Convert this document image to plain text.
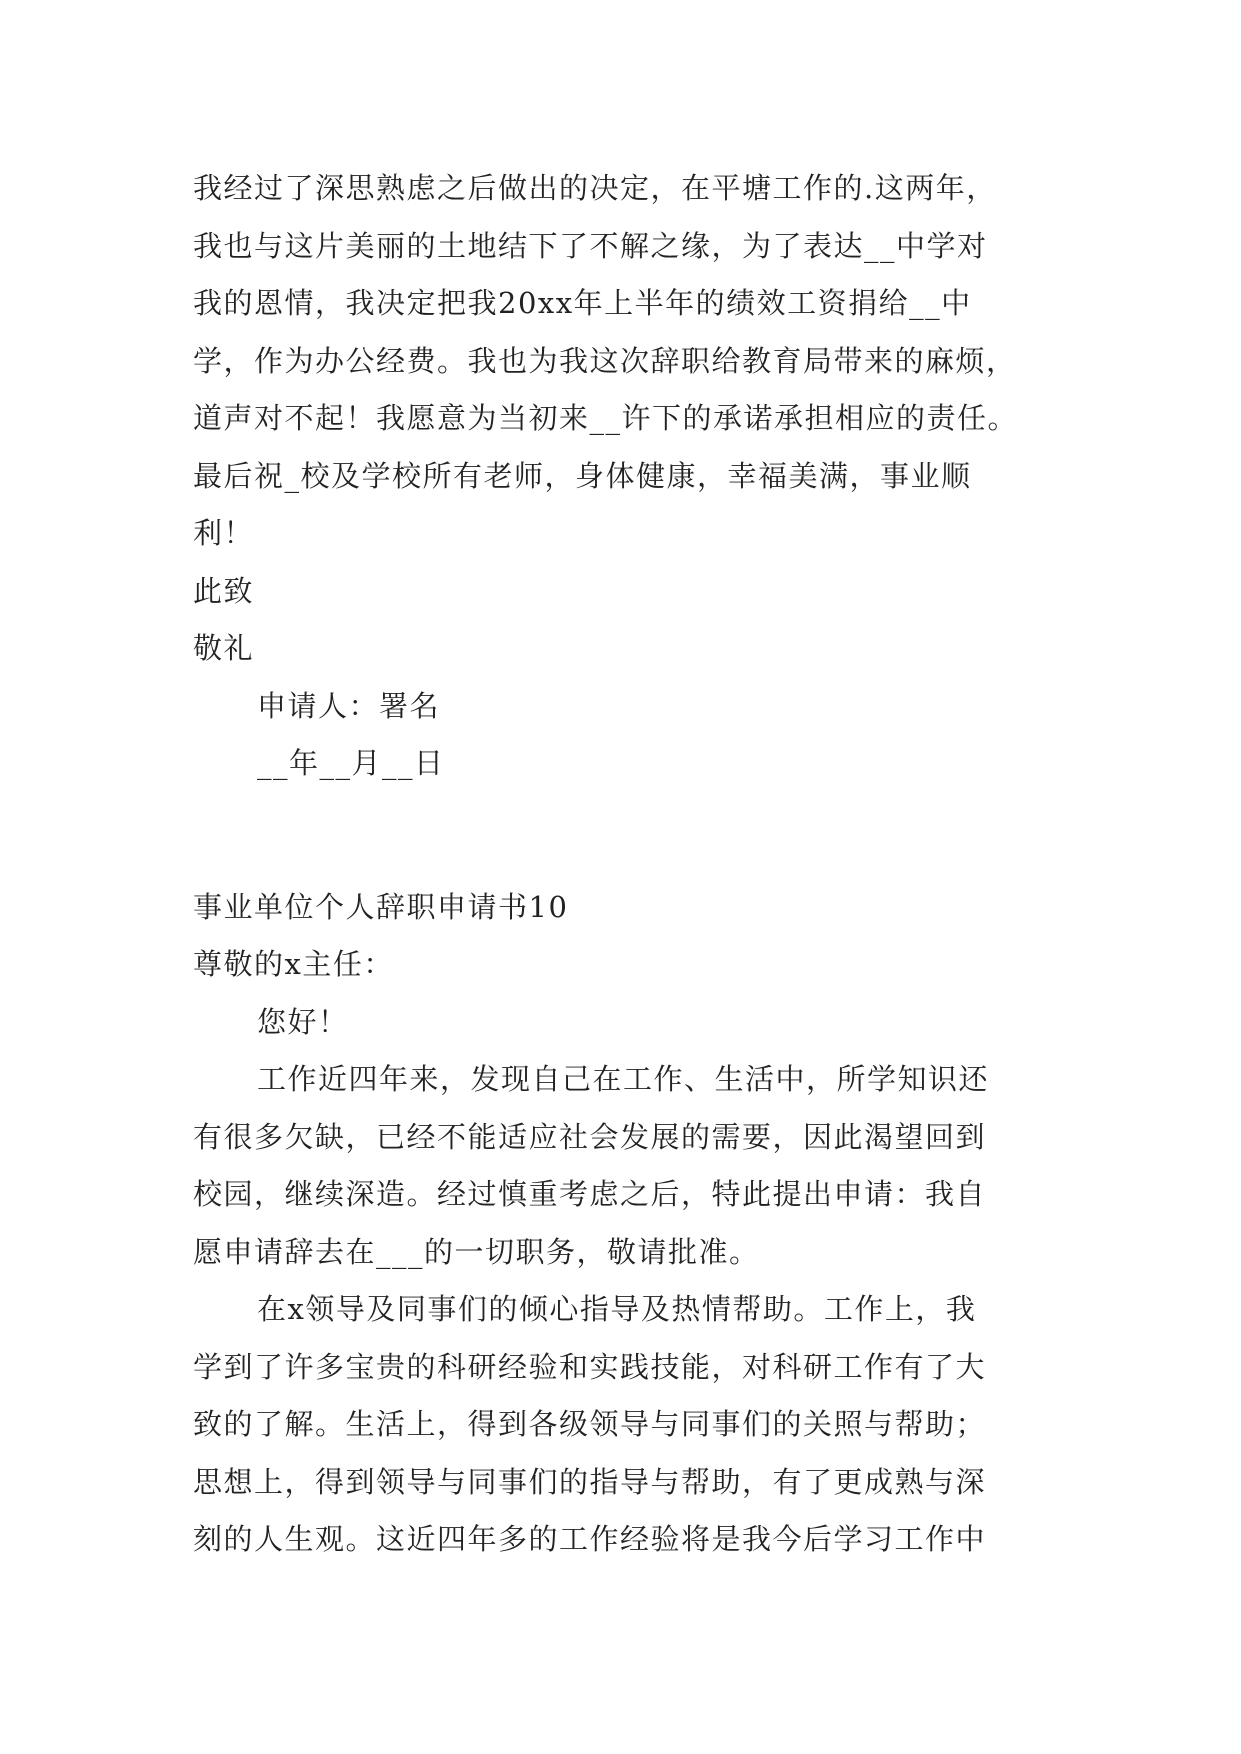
我经过了深思熟虑之后做出的决定，在平塘工作的.这两年，
我也与这片美丽的土地结下了不解之缘，为了表达__中学对
我的恩情，我决定把我20xx年上半年的绩效工资捐给__中
学，作为办公经费。我也为我这次辞职给教育局带来的麻烦，
道声对不起！我愿意为当初来__许下的承诺承担相应的责任。
最后祝_校及学校所有老师，身体健康，幸福美满，事业顺
利！
此致
敬礼
申请人：署名
__年__月__日
事业单位个人辞职申请书10
尊敬的x主任：
您好！
工作近四年来，发现自己在工作、生活中，所学知识还
有很多欠缺，已经不能适应社会发展的需要，因此渴望回到
校园，继续深造。经过慎重考虑之后，特此提出申请：我自
愿申请辞去在___的一切职务，敬请批准。
在x领导及同事们的倾心指导及热情帮助。工作上，我
学到了许多宝贵的科研经验和实践技能，对科研工作有了大
致的了解。生活上，得到各级领导与同事们的关照与帮助；
思想上，得到领导与同事们的指导与帮助，有了更成熟与深
刻的人生观。这近四年多的工作经验将是我今后学习工作中
